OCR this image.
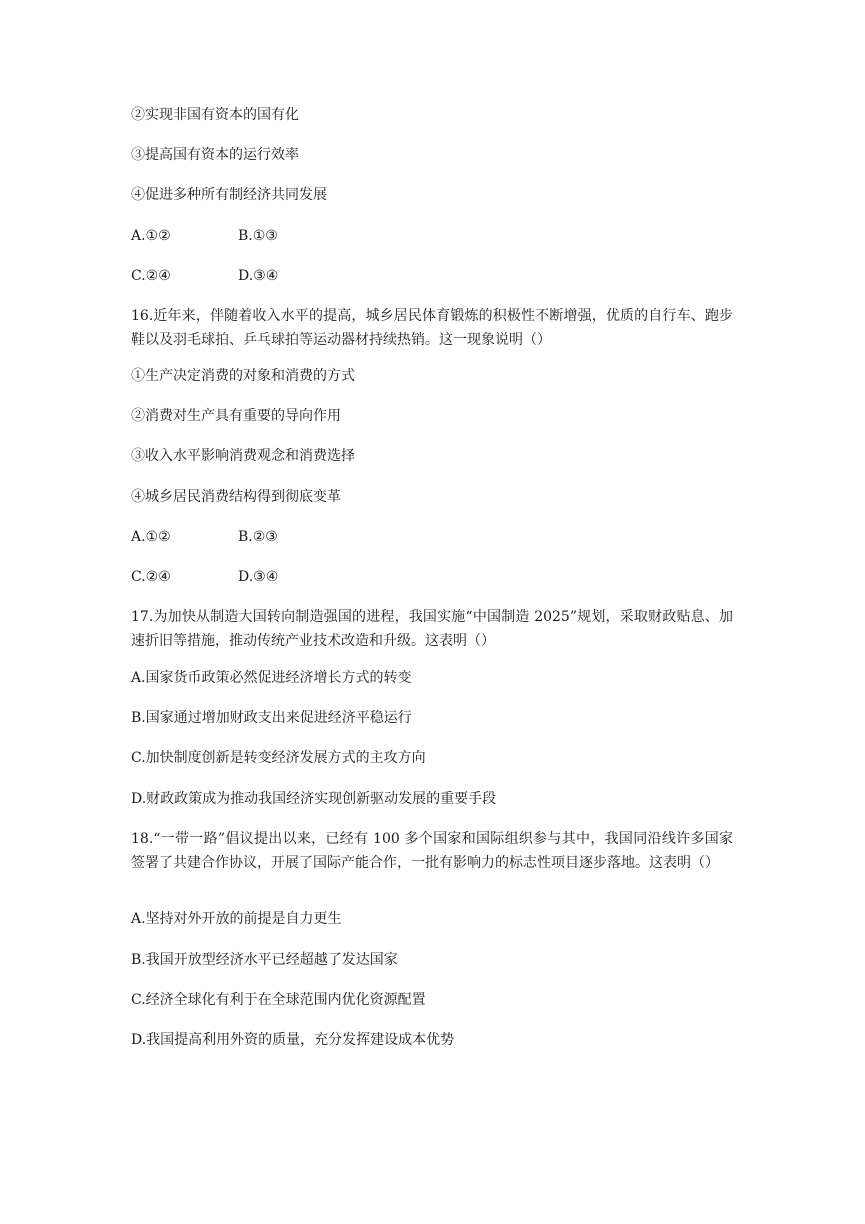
②实现非国有资本的国有化
③提高国有资本的运行效率
④促进多种所有制经济共同发展
A.①②	B.①③
C.②④	D.③④
16.近年来，伴随着收入水平的提高，城乡居民体育锻炼的积极性不断增强，优质的自行车、跑步鞋以及羽毛球拍、乒乓球拍等运动器材持续热销。这一现象说明（）
①生产决定消费的对象和消费的方式
②消费对生产具有重要的导向作用
③收入水平影响消费观念和消费选择
④城乡居民消费结构得到彻底变革
A.①②	B.②③
C.②④	D.③④
17.为加快从制造大国转向制造强国的进程，我国实施“中国制造 2025”规划，采取财政贴息、加速折旧等措施，推动传统产业技术改造和升级。这表明（）
A.国家货币政策必然促进经济增长方式的转变
B.国家通过增加财政支出来促进经济平稳运行
C.加快制度创新是转变经济发展方式的主攻方向
D.财政政策成为推动我国经济实现创新驱动发展的重要手段
18.“一带一路”倡议提出以来，已经有 100 多个国家和国际组织参与其中，我国同沿线许多国家签署了共建合作协议，开展了国际产能合作，一批有影响力的标志性项目逐步落地。这表明（）
A.坚持对外开放的前提是自力更生
B.我国开放型经济水平已经超越了发达国家
C.经济全球化有利于在全球范围内优化资源配置
D.我国提高利用外资的质量，充分发挥建设成本优势
